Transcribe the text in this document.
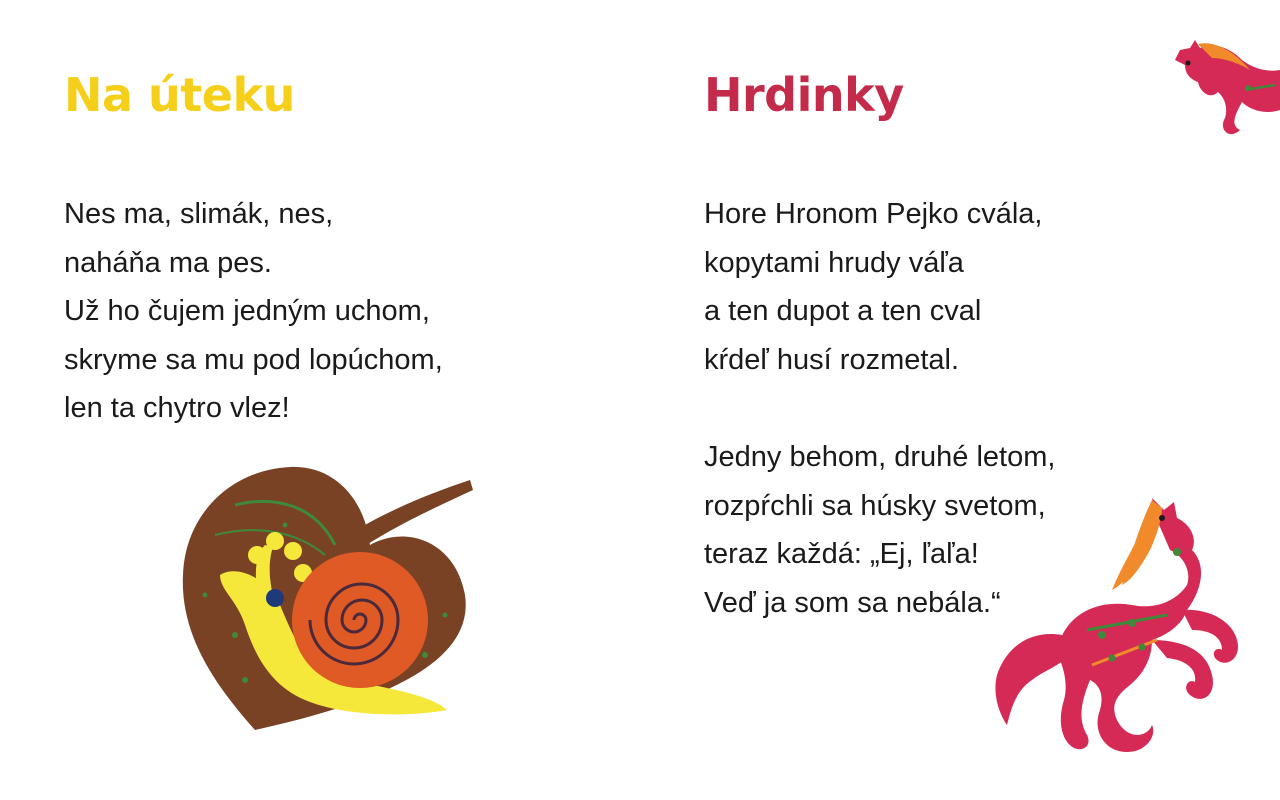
Na úteku
Nes ma, slimák, nes,
naháňa ma pes.
Už ho čujem jedným uchom,
skryme sa mu pod lopúchom,
len ta chytro vlez!
Hrdinky
Hore Hronom Pejko cvála,
kopytami hrudy váľa
a ten dupot a ten cval
kŕdeľ husí rozmetal.
Jedny behom, druhé letom,
rozpŕchli sa húsky svetom,
teraz každá: „Ej, ľaľa!
Veď ja som sa nebála.“
